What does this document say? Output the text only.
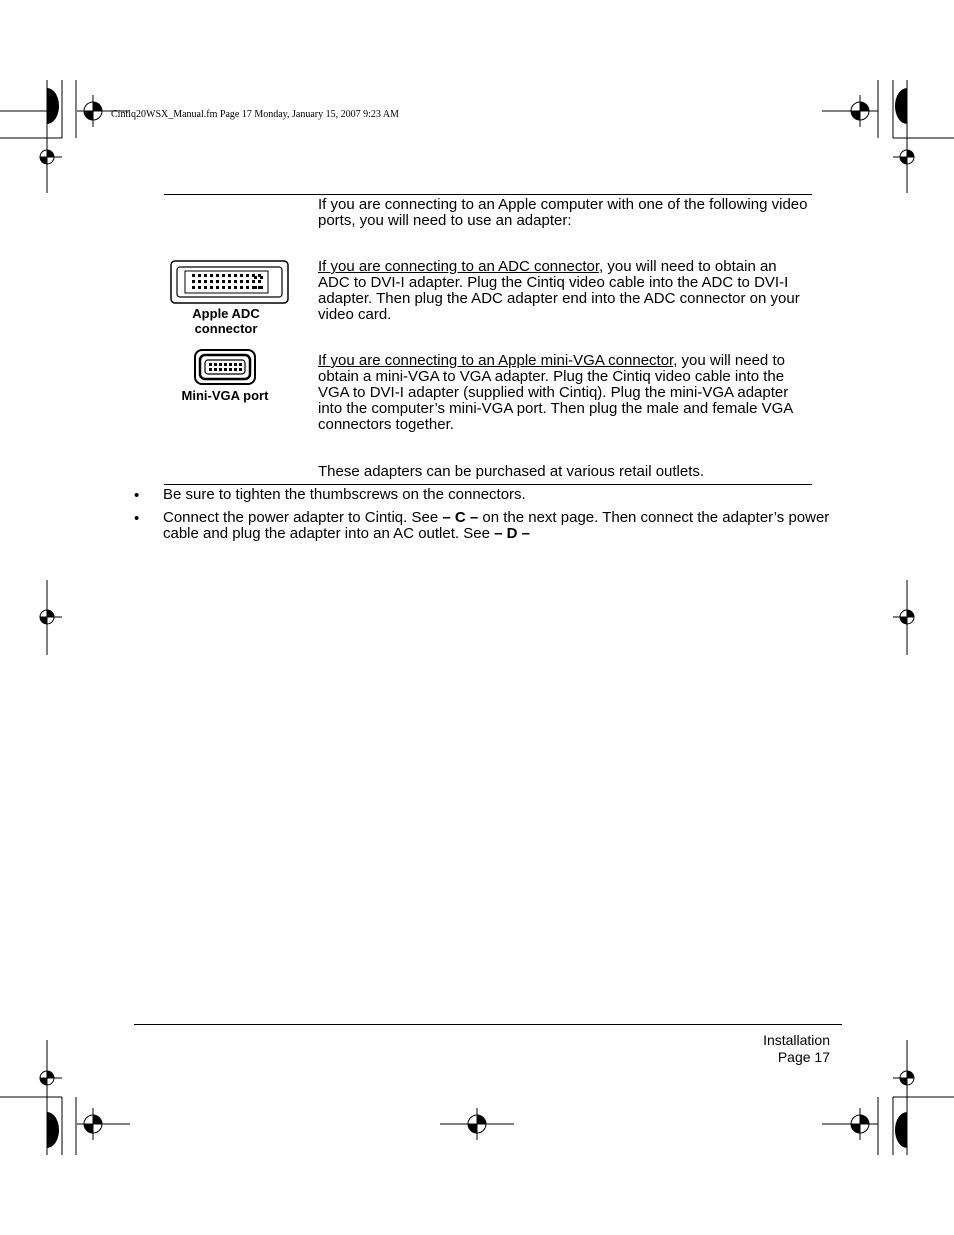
Cintiq20WSX_Manual.fm Page 17 Monday, January 15, 2007 9:23 AM
If you are connecting to an Apple computer with one of the following video ports, you will need to use an adapter:
Apple ADC
connector
If you are connecting to an ADC connector, you will need to obtain an ADC to DVI-I adapter. Plug the Cintiq video cable into the ADC to DVI-I adapter. Then plug the ADC adapter end into the ADC connector on your video card.
Mini-VGA port
If you are connecting to an Apple mini-VGA connector, you will need to obtain a mini-VGA to VGA adapter. Plug the Cintiq video cable into the VGA to DVI-I adapter (supplied with Cintiq). Plug the mini-VGA adapter into the computer’s mini-VGA port. Then plug the male and female VGA connectors together.
These adapters can be purchased at various retail outlets.
• Be sure to tighten the thumbscrews on the connectors.
• Connect the power adapter to Cintiq. See – C – on the next page. Then connect the adapter’s power cable and plug the adapter into an AC outlet. See – D –
Installation
Page 17
